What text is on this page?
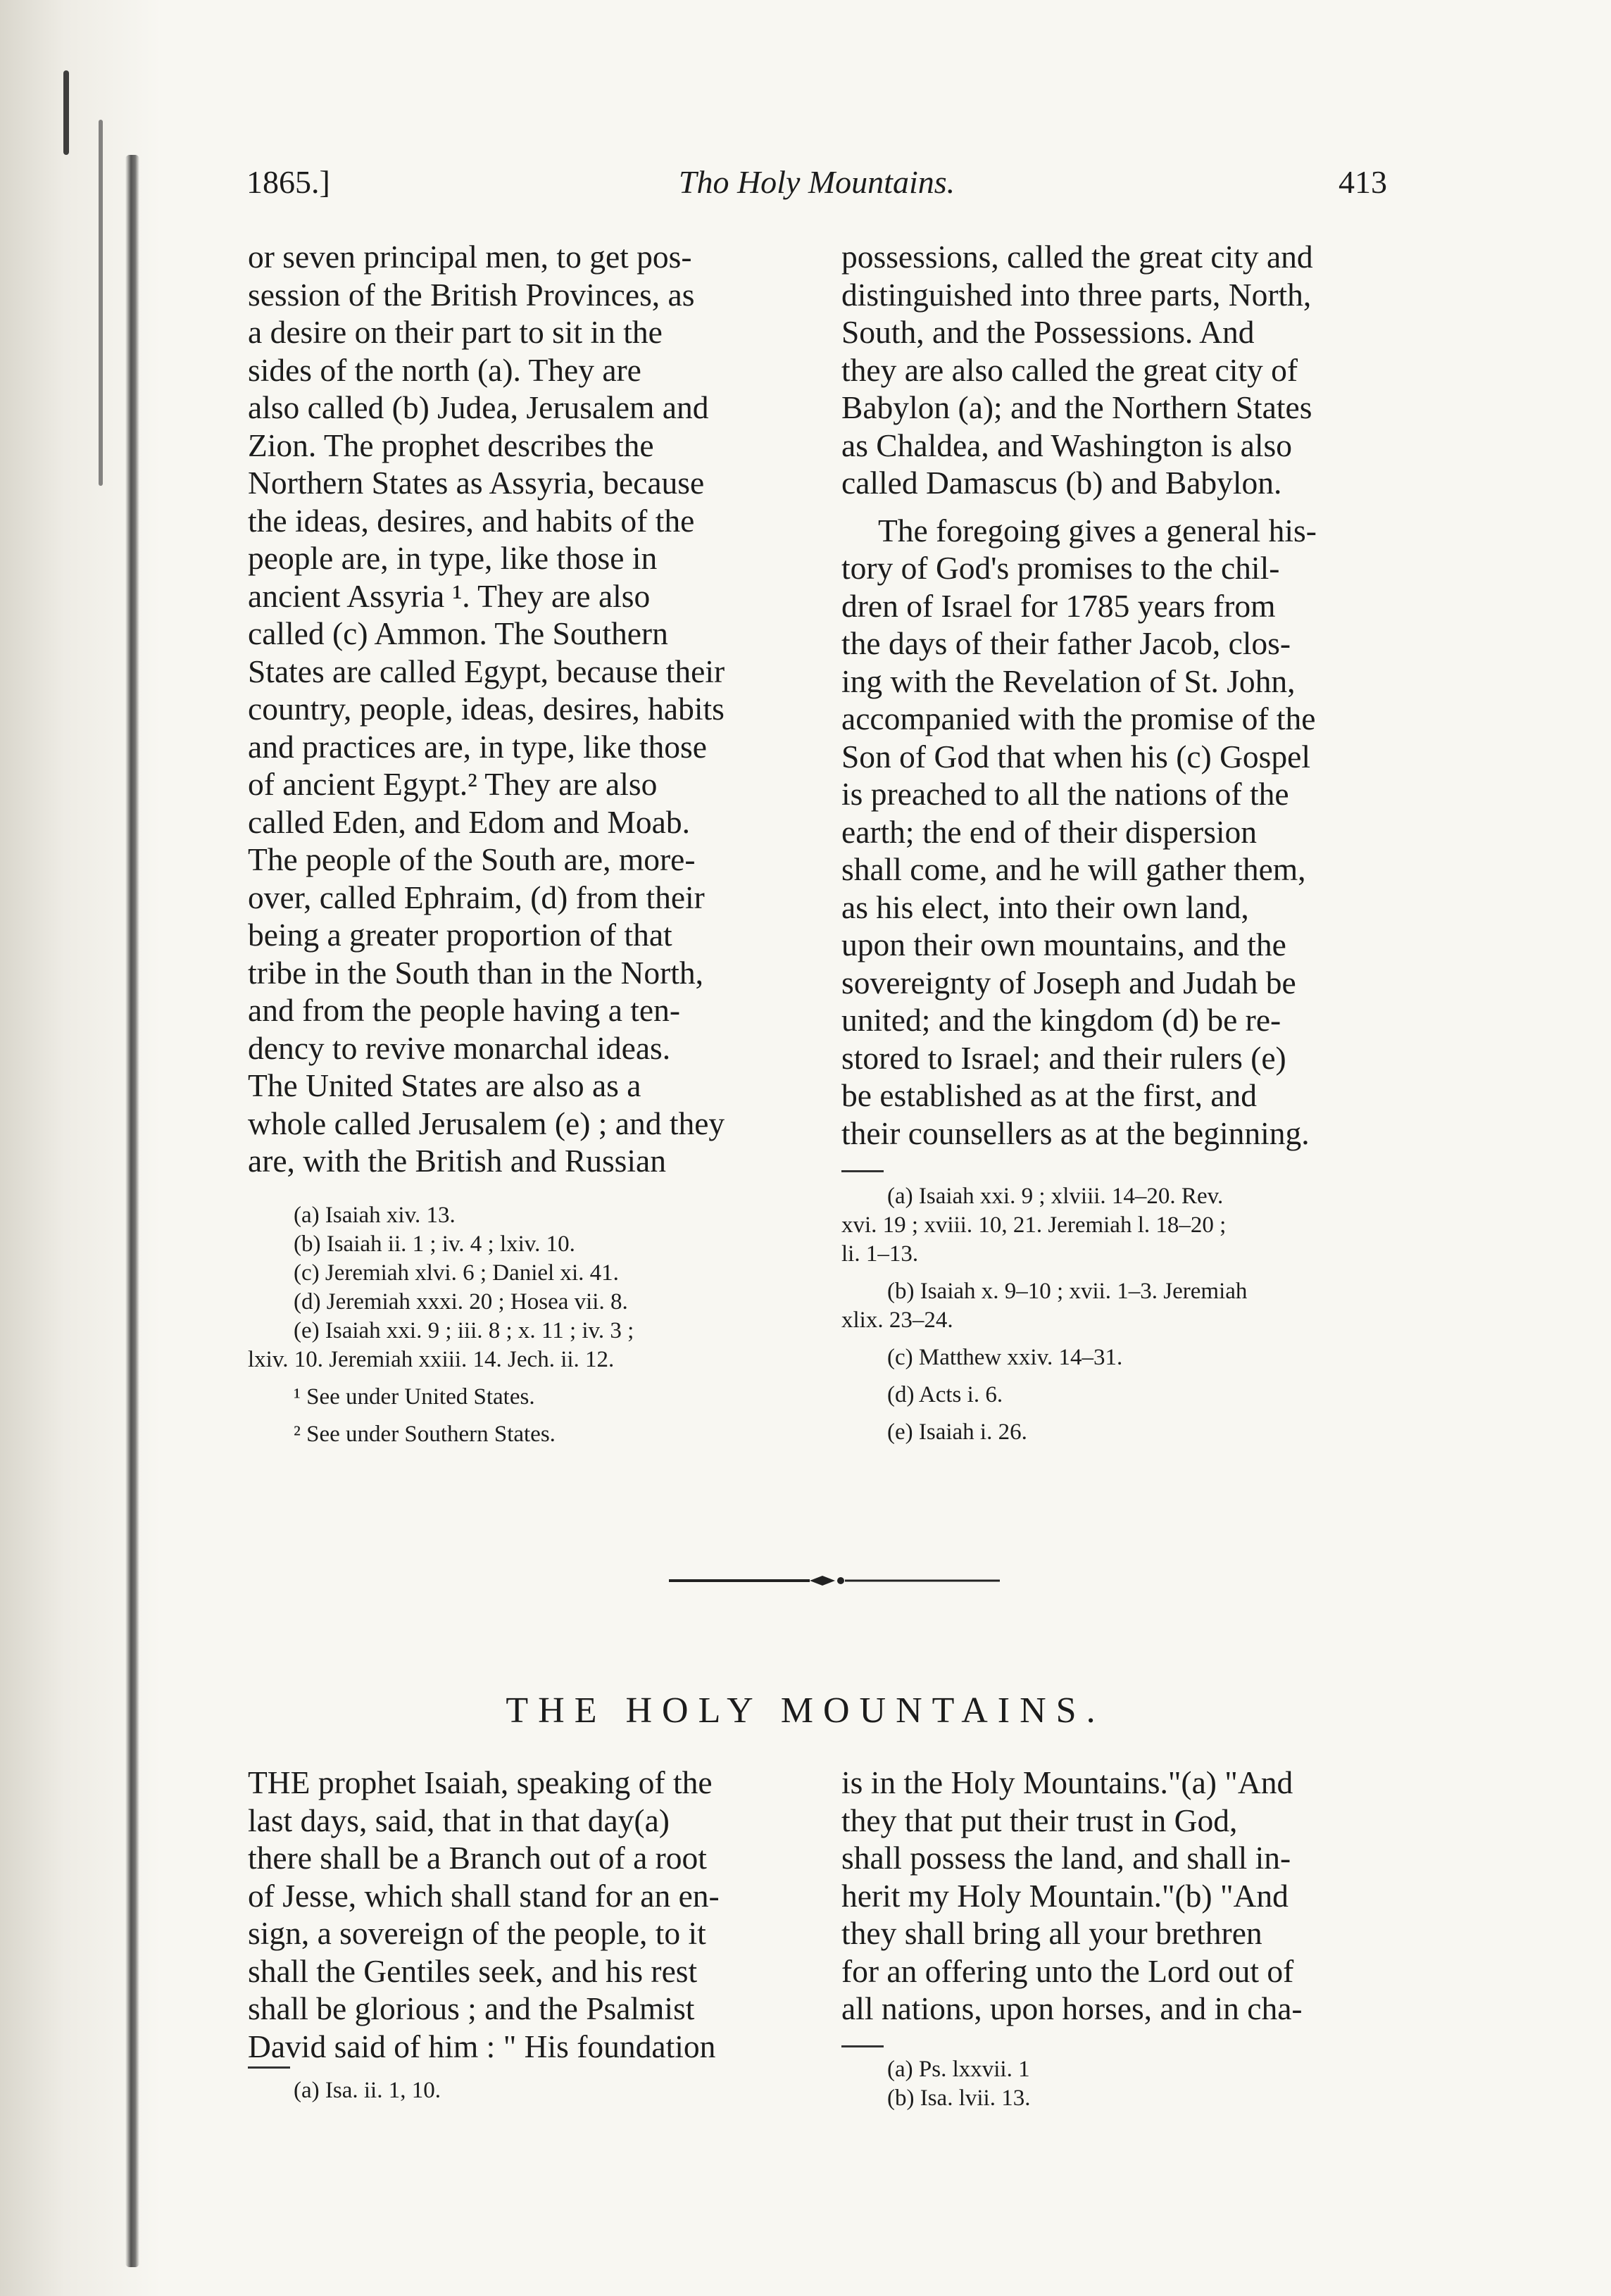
1865.]	Tho Holy Mountains.	413
or seven principal men, to get pos-
session of the British Provinces, as
a desire on their part to sit in the
sides of the north (a). They are
also called (b) Judea, Jerusalem and
Zion. The prophet describes the
Northern States as Assyria, because
the ideas, desires, and habits of the
people are, in type, like those in
ancient Assyria ¹. They are also
called (c) Ammon. The Southern
States are called Egypt, because their
country, people, ideas, desires, habits
and practices are, in type, like those
of ancient Egypt.² They are also
called Eden, and Edom and Moab.
The people of the South are, more-
over, called Ephraim, (d) from their
being a greater proportion of that
tribe in the South than in the North,
and from the people having a ten-
dency to revive monarchal ideas.
The United States are also as a
whole called Jerusalem (e) ; and they
are, with the British and Russian
possessions, called the great city and
distinguished into three parts, North,
South, and the Possessions. And
they are also called the great city of
Babylon (a); and the Northern States
as Chaldea, and Washington is also
called Damascus (b) and Babylon.
The foregoing gives a general his-
tory of God's promises to the chil-
dren of Israel for 1785 years from
the days of their father Jacob, clos-
ing with the Revelation of St. John,
accompanied with the promise of the
Son of God that when his (c) Gospel
is preached to all the nations of the
earth; the end of their dispersion
shall come, and he will gather them,
as his elect, into their own land,
upon their own mountains, and the
sovereignty of Joseph and Judah be
united; and the kingdom (d) be re-
stored to Israel; and their rulers (e)
be established as at the first, and
their counsellers as at the beginning.
(a) Isaiah xiv. 13.
(b) Isaiah ii. 1 ; iv. 4 ; lxiv. 10.
(c) Jeremiah xlvi. 6 ; Daniel xi. 41.
(d) Jeremiah xxxi. 20 ; Hosea vii. 8.
(e) Isaiah xxi. 9 ; iii. 8 ; x. 11 ; iv. 3 ;
lxiv. 10. Jeremiah xxiii. 14. Jech. ii. 12.
¹ See under United States.
² See under Southern States.
(a) Isaiah xxi. 9 ; xlviii. 14–20. Rev.
xvi. 19 ; xviii. 10, 21. Jeremiah l. 18–20 ;
li. 1–13.
(b) Isaiah x. 9–10 ; xvii. 1–3. Jeremiah
xlix. 23–24.
(c) Matthew xxiv. 14–31.
(d) Acts i. 6.
(e) Isaiah i. 26.
THE HOLY MOUNTAINS.
THE prophet Isaiah, speaking of the
last days, said, that in that day(a)
there shall be a Branch out of a root
of Jesse, which shall stand for an en-
sign, a sovereign of the people, to it
shall the Gentiles seek, and his rest
shall be glorious ; and the Psalmist
David said of him : " His foundation
is in the Holy Mountains."(a) "And
they that put their trust in God,
shall possess the land, and shall in-
herit my Holy Mountain."(b) "And
they shall bring all your brethren
for an offering unto the Lord out of
all nations, upon horses, and in cha-
(a) Isa. ii. 1, 10.
(a) Ps. lxxvii. 1
(b) Isa. lvii. 13.
